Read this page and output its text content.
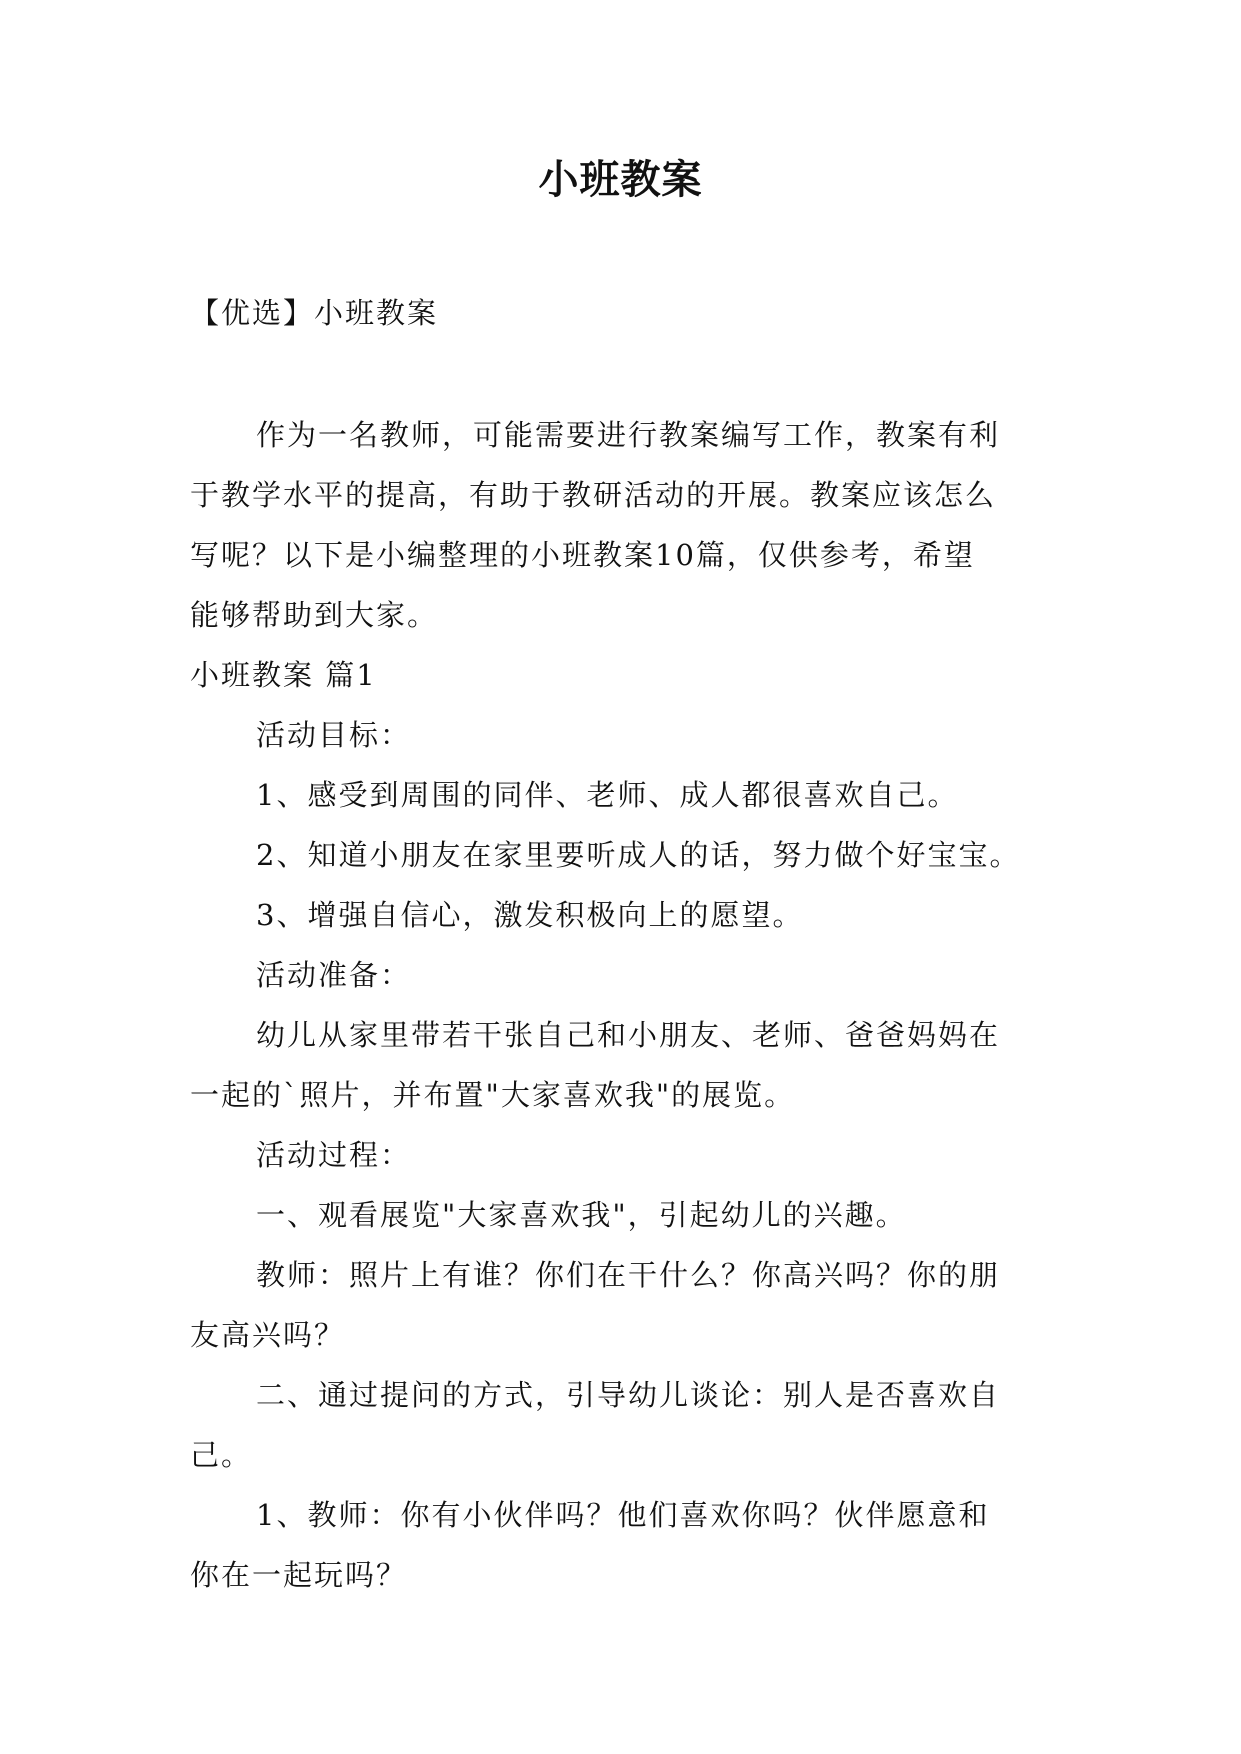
小班教案
【优选】小班教案
作为一名教师，可能需要进行教案编写工作，教案有利
于教学水平的提高，有助于教研活动的开展。教案应该怎么
写呢？以下是小编整理的小班教案10篇，仅供参考，希望
能够帮助到大家。
小班教案 篇1
活动目标：
1、感受到周围的同伴、老师、成人都很喜欢自己。
2、知道小朋友在家里要听成人的话，努力做个好宝宝。
3、增强自信心，激发积极向上的愿望。
活动准备：
幼儿从家里带若干张自己和小朋友、老师、爸爸妈妈在
一起的`照片，并布置"大家喜欢我"的展览。
活动过程：
一、观看展览"大家喜欢我"，引起幼儿的兴趣。
教师：照片上有谁？你们在干什么？你高兴吗？你的朋
友高兴吗？
二、通过提问的方式，引导幼儿谈论：别人是否喜欢自
己。
1、教师：你有小伙伴吗？他们喜欢你吗？伙伴愿意和
你在一起玩吗？
